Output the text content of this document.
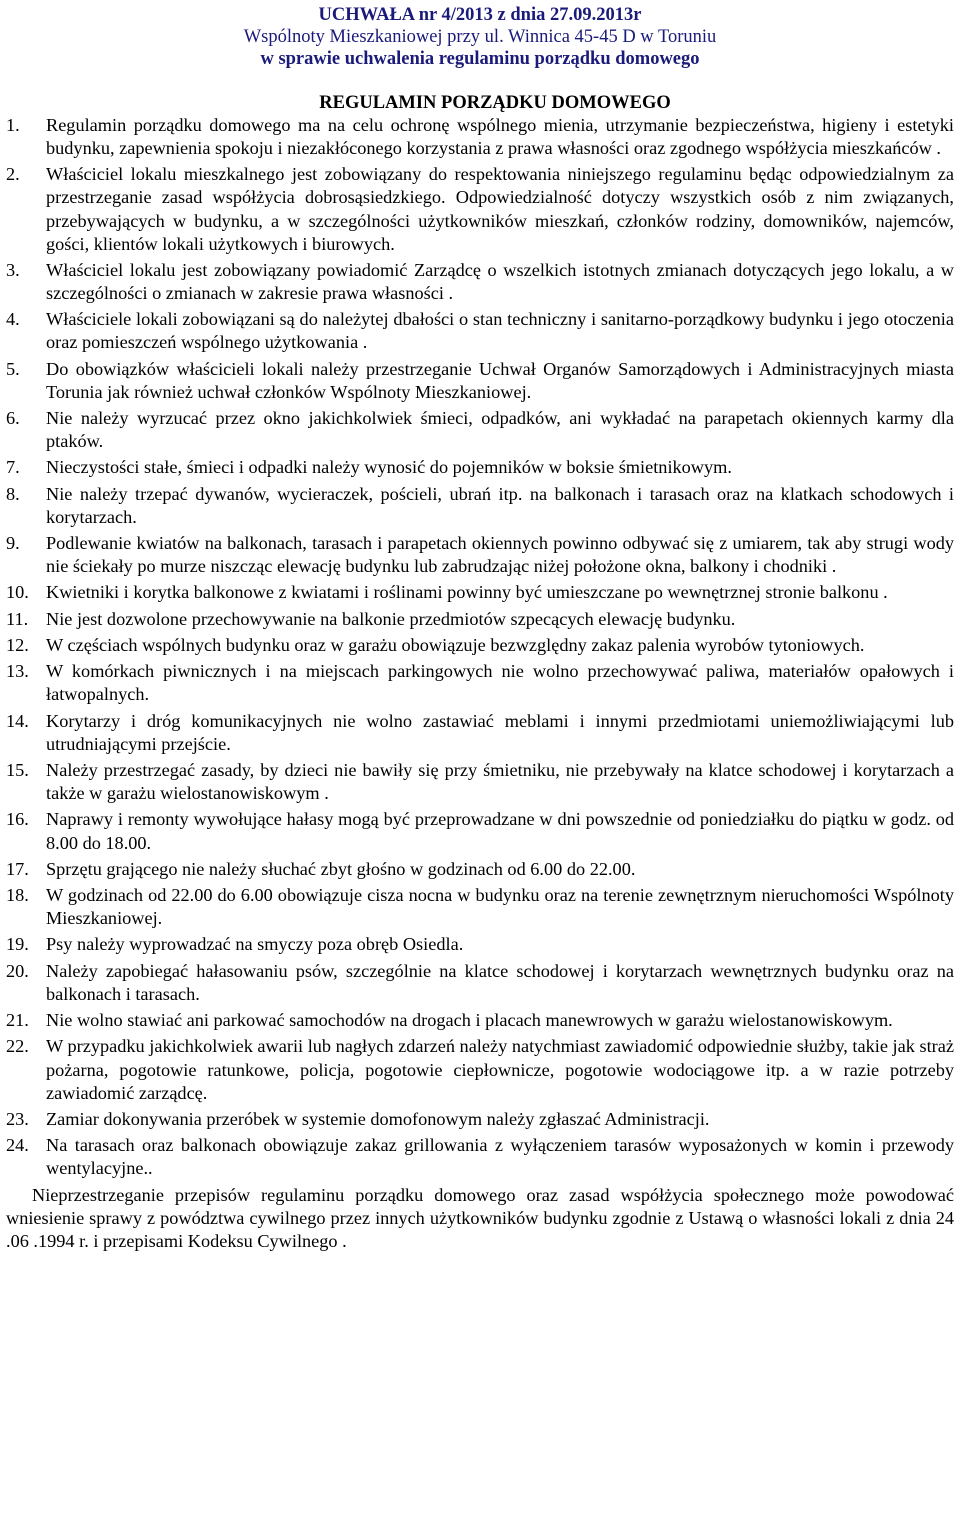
UCHWAŁA nr 4/2013 z dnia 27.09.2013r
Wspólnoty Mieszkaniowej przy ul. Winnica 45-45 D w Toruniu
w sprawie uchwalenia regulaminu porządku domowego
REGULAMIN PORZĄDKU DOMOWEGO
1.	Regulamin porządku domowego ma na celu ochronę wspólnego mienia, utrzymanie bezpieczeństwa, higieny i estetyki budynku, zapewnienia spokoju i niezakłóconego korzystania z prawa własności oraz zgodnego współżycia mieszkańców .
2.	Właściciel lokalu mieszkalnego jest zobowiązany do respektowania niniejszego regulaminu będąc odpowiedzialnym za przestrzeganie zasad współżycia dobrosąsiedzkiego. Odpowiedzialność dotyczy wszystkich osób z nim związanych, przebywających w budynku, a w szczególności użytkowników mieszkań, członków rodziny, domowników, najemców, gości, klientów lokali użytkowych i biurowych.
3.	Właściciel lokalu jest zobowiązany powiadomić Zarządcę o wszelkich istotnych zmianach dotyczących jego lokalu, a w szczególności o zmianach w zakresie prawa własności .
4.	Właściciele lokali zobowiązani są do należytej dbałości o stan techniczny i sanitarno-porządkowy budynku i jego otoczenia oraz pomieszczeń wspólnego użytkowania .
5.	Do obowiązków właścicieli lokali należy przestrzeganie Uchwał Organów Samorządowych i Administracyjnych miasta Torunia jak również uchwał członków Wspólnoty Mieszkaniowej.
6.	Nie należy wyrzucać przez okno jakichkolwiek śmieci, odpadków, ani wykładać na parapetach okiennych karmy dla ptaków.
7.	Nieczystości stałe, śmieci i odpadki należy wynosić do pojemników w boksie śmietnikowym.
8.	Nie należy trzepać dywanów, wycieraczek, pościeli, ubrań itp. na balkonach i tarasach oraz na klatkach schodowych i korytarzach.
9.	Podlewanie kwiatów na balkonach, tarasach i parapetach okiennych powinno odbywać się z umiarem, tak aby strugi wody nie ściekały po murze niszcząc elewację budynku lub zabrudzając niżej położone okna, balkony i chodniki .
10. Kwietniki i korytka balkonowe z kwiatami i roślinami powinny być umieszczane po wewnętrznej stronie balkonu .
11. Nie jest dozwolone przechowywanie na balkonie przedmiotów szpecących elewację budynku.
12. W częściach wspólnych budynku oraz w garażu obowiązuje bezwzględny zakaz palenia wyrobów tytoniowych.
13. W komórkach piwnicznych i na miejscach parkingowych nie wolno przechowywać paliwa, materiałów opałowych i łatwopalnych.
14. Korytarzy i dróg komunikacyjnych nie wolno zastawiać meblami i innymi przedmiotami uniemożliwiającymi lub utrudniającymi przejście.
15. Należy przestrzegać zasady, by dzieci nie bawiły się przy śmietniku, nie przebywały na klatce schodowej i korytarzach a także w garażu wielostanowiskowym .
16. Naprawy i remonty wywołujące hałasy mogą być przeprowadzane w dni powszednie od poniedziałku do piątku w godz. od 8.00 do 18.00.
17. Sprzętu grającego nie należy słuchać zbyt głośno w godzinach od 6.00 do 22.00.
18. W godzinach od 22.00 do 6.00 obowiązuje cisza nocna w budynku oraz na terenie zewnętrznym nieruchomości Wspólnoty Mieszkaniowej.
19. Psy należy wyprowadzać na smyczy poza obręb Osiedla.
20. Należy zapobiegać hałasowaniu psów, szczególnie na klatce schodowej i korytarzach wewnętrznych budynku oraz na balkonach i tarasach.
21. Nie wolno stawiać ani parkować samochodów na drogach i placach manewrowych w garażu wielostanowiskowym.
22. W przypadku jakichkolwiek awarii lub nagłych zdarzeń należy natychmiast zawiadomić odpowiednie służby, takie jak straż pożarna, pogotowie ratunkowe, policja, pogotowie ciepłownicze, pogotowie wodociągowe itp. a w razie potrzeby zawiadomić zarządcę.
23. Zamiar dokonywania przeróbek w systemie domofonowym należy zgłaszać Administracji.
24. Na tarasach oraz balkonach obowiązuje zakaz grillowania z wyłączeniem tarasów wyposażonych w komin i przewody wentylacyjne..

Nieprzestrzeganie przepisów regulaminu porządku domowego oraz zasad współżycia społecznego może powodować wniesienie sprawy z powództwa cywilnego przez innych użytkowników budynku zgodnie z Ustawą o własności lokali z dnia 24 .06 .1994 r. i przepisami Kodeksu Cywilnego .
